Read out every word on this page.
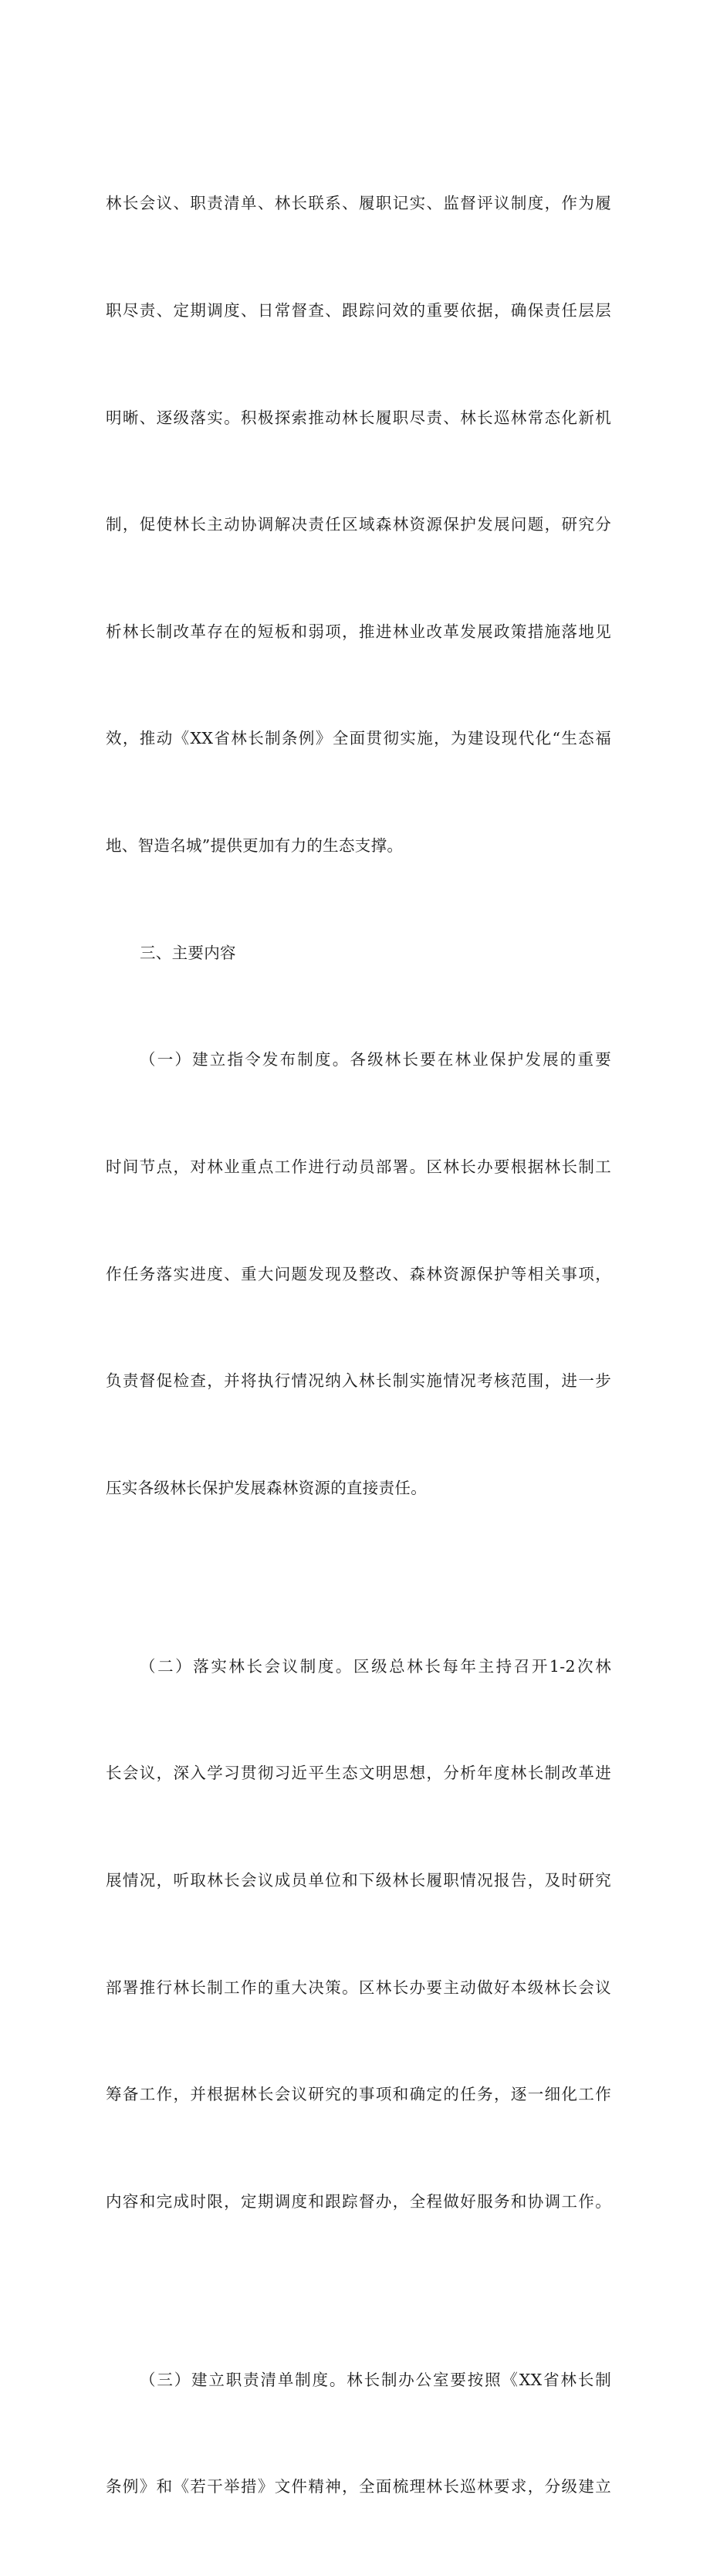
林长会议、职责清单、林长联系、履职记实、监督评议制度，作为履

职尽责、定期调度、日常督查、跟踪问效的重要依据，确保责任层层

明晰、逐级落实。积极探索推动林长履职尽责、林长巡林常态化新机

制，促使林长主动协调解决责任区域森林资源保护发展问题，研究分

析林长制改革存在的短板和弱项，推进林业改革发展政策措施落地见

效，推动《XX省林长制条例》全面贯彻实施，为建设现代化“生态福

地、智造名城”提供更加有力的生态支撑。

三、主要内容

（一）建立指令发布制度。各级林长要在林业保护发展的重要

时间节点，对林业重点工作进行动员部署。区林长办要根据林长制工

作任务落实进度、重大问题发现及整改、森林资源保护等相关事项，

负责督促检查，并将执行情况纳入林长制实施情况考核范围，进一步

压实各级林长保护发展森林资源的直接责任。

（二）落实林长会议制度。区级总林长每年主持召开1-2次林

长会议，深入学习贯彻习近平生态文明思想，分析年度林长制改革进

展情况，听取林长会议成员单位和下级林长履职情况报告，及时研究

部署推行林长制工作的重大决策。区林长办要主动做好本级林长会议

筹备工作，并根据林长会议研究的事项和确定的任务，逐一细化工作

内容和完成时限，定期调度和跟踪督办，全程做好服务和协调工作。

（三）建立职责清单制度。林长制办公室要按照《XX省林长制

条例》和《若干举措》文件精神，全面梳理林长巡林要求，分级建立
